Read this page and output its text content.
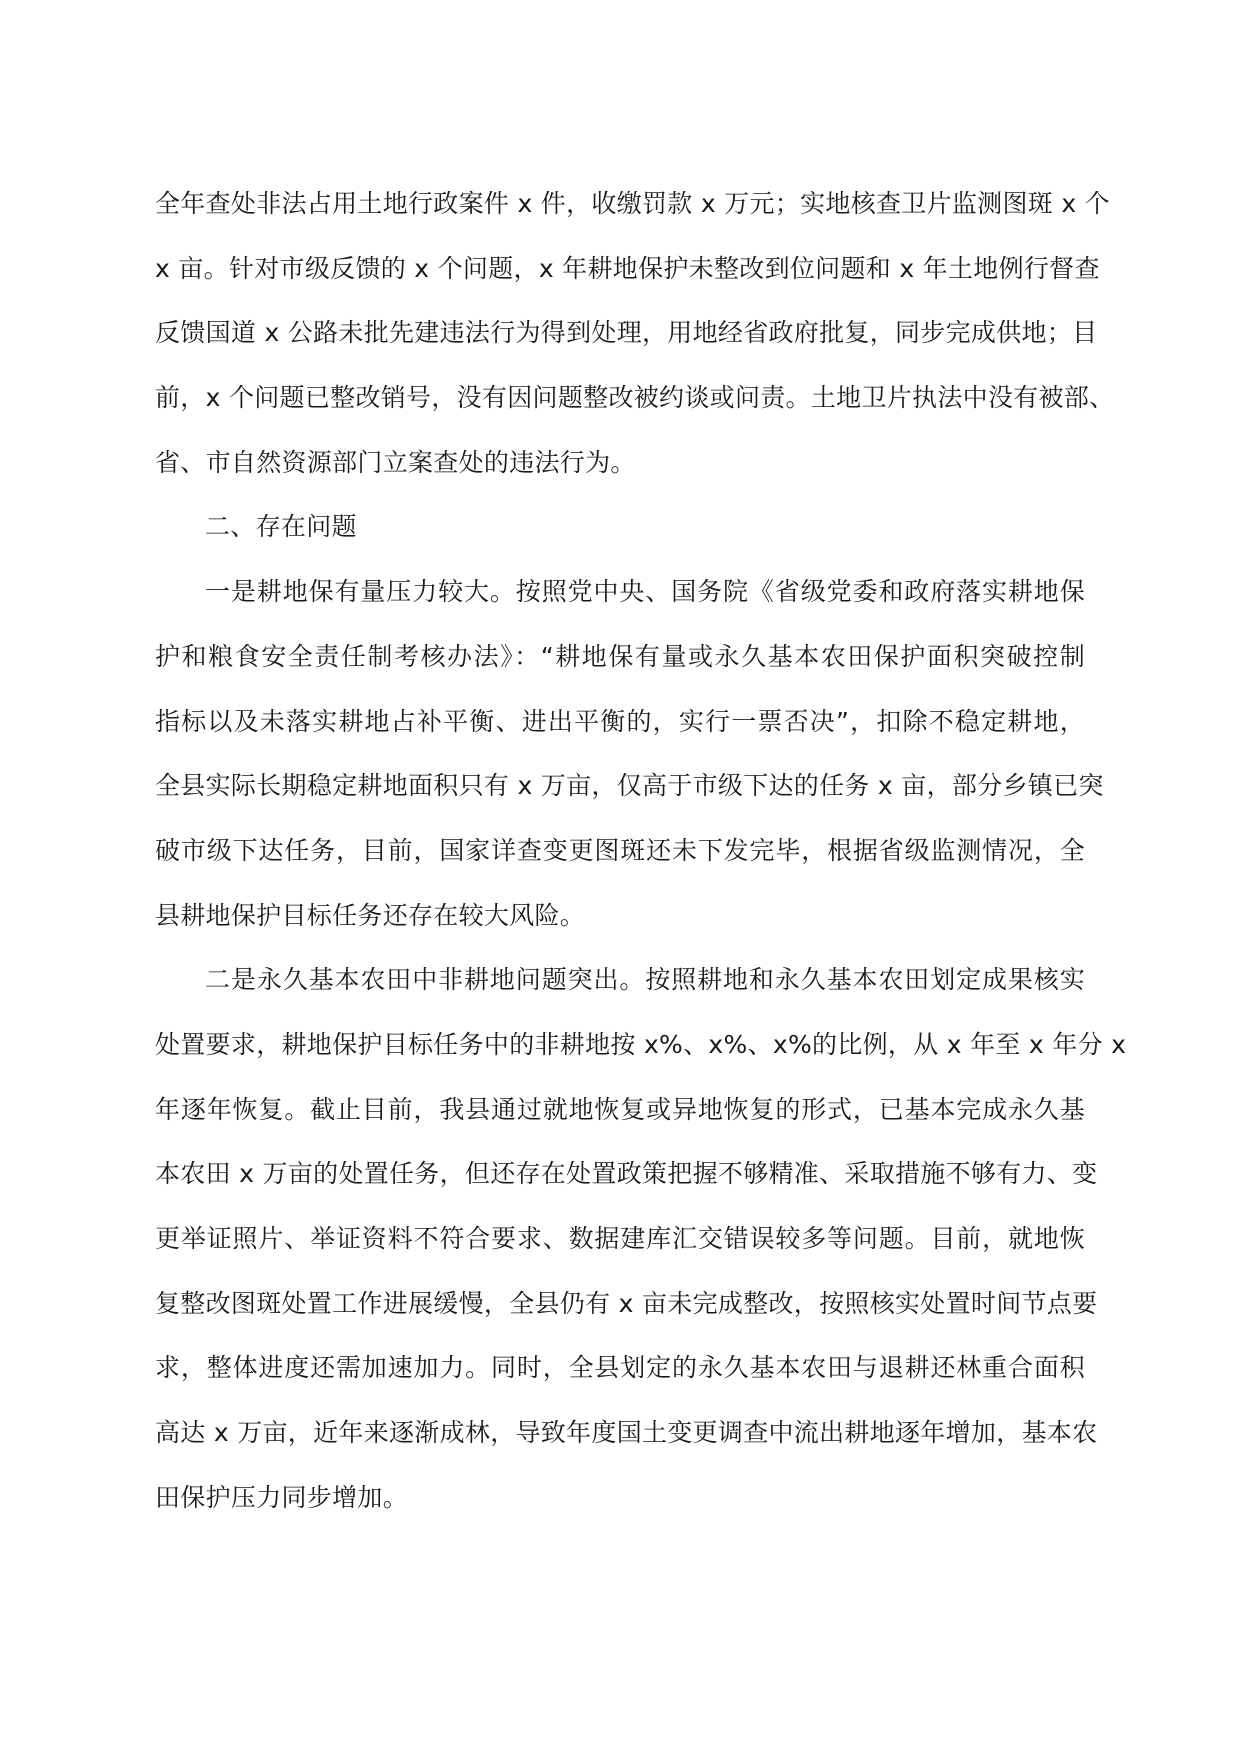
全年查处非法占用土地行政案件 x 件，收缴罚款 x 万元；实地核查卫片监测图斑 x 个
x 亩。针对市级反馈的 x 个问题，x 年耕地保护未整改到位问题和 x 年土地例行督查
反馈国道 x 公路未批先建违法行为得到处理，用地经省政府批复，同步完成供地；目
前，x 个问题已整改销号，没有因问题整改被约谈或问责。土地卫片执法中没有被部、
省、市自然资源部门立案查处的违法行为。
二、存在问题
一是耕地保有量压力较大。按照党中央、国务院《省级党委和政府落实耕地保
护和粮食安全责任制考核办法》：“耕地保有量或永久基本农田保护面积突破控制
指标以及未落实耕地占补平衡、进出平衡的，实行一票否决”，扣除不稳定耕地，
全县实际长期稳定耕地面积只有 x 万亩，仅高于市级下达的任务 x 亩，部分乡镇已突
破市级下达任务，目前，国家详查变更图斑还未下发完毕，根据省级监测情况，全
县耕地保护目标任务还存在较大风险。
二是永久基本农田中非耕地问题突出。按照耕地和永久基本农田划定成果核实
处置要求，耕地保护目标任务中的非耕地按 x%、x%、x%的比例，从 x 年至 x 年分 x
年逐年恢复。截止目前，我县通过就地恢复或异地恢复的形式，已基本完成永久基
本农田 x 万亩的处置任务，但还存在处置政策把握不够精准、采取措施不够有力、变
更举证照片、举证资料不符合要求、数据建库汇交错误较多等问题。目前，就地恢
复整改图斑处置工作进展缓慢，全县仍有 x 亩未完成整改，按照核实处置时间节点要
求，整体进度还需加速加力。同时，全县划定的永久基本农田与退耕还林重合面积
高达 x 万亩，近年来逐渐成林，导致年度国土变更调查中流出耕地逐年增加，基本农
田保护压力同步增加。
